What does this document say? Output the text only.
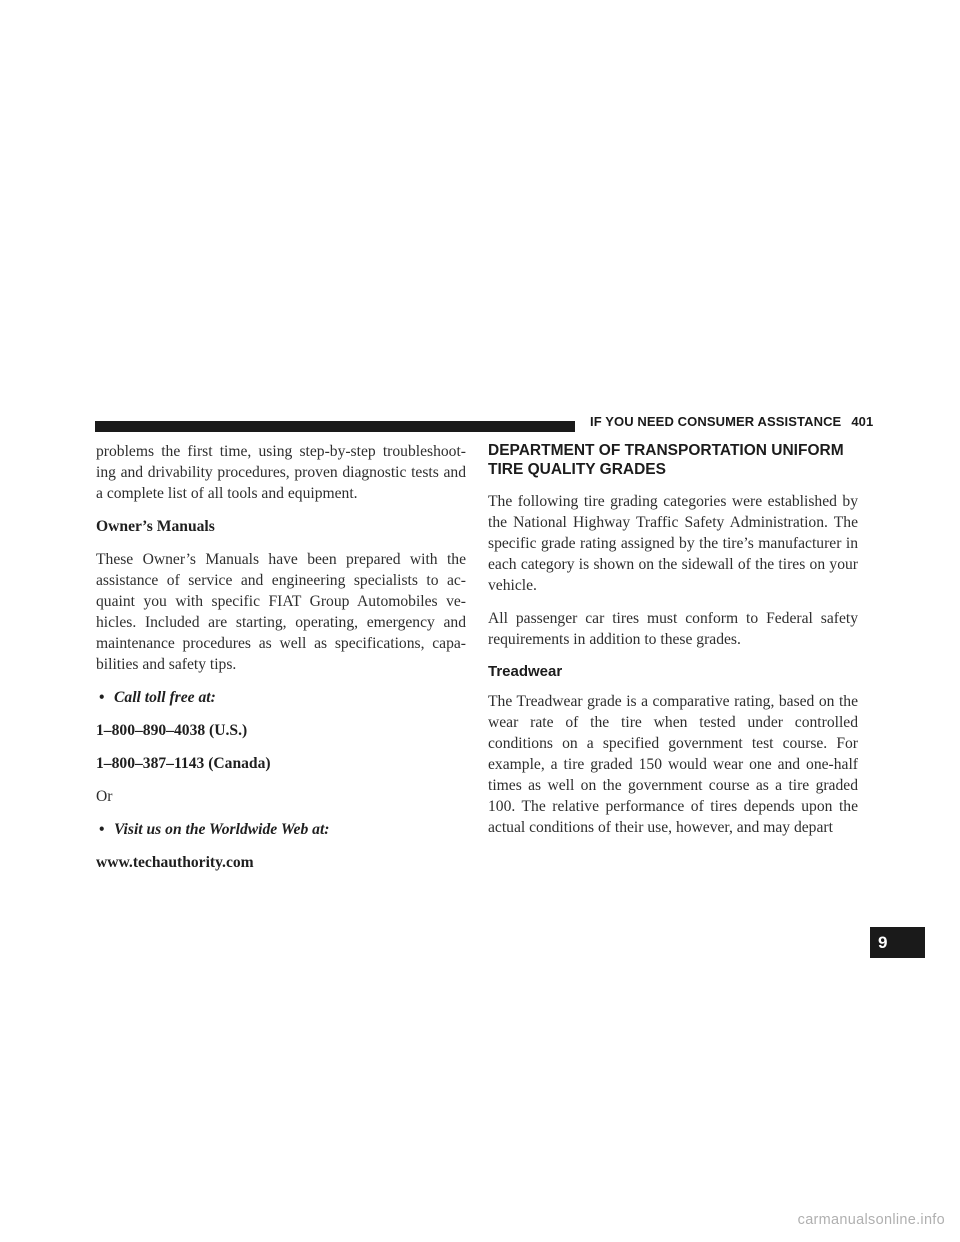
IF YOU NEED CONSUMER ASSISTANCE 401

problems the first time, using step-by-step troubleshoot-ing and drivability procedures, proven diagnostic tests and a complete list of all tools and equipment.

Owner’s Manuals

These Owner’s Manuals have been prepared with the assistance of service and engineering specialists to ac-quaint you with specific FIAT Group Automobiles ve-hicles. Included are starting, operating, emergency and maintenance procedures as well as specifications, capa-bilities and safety tips.

• Call toll free at:

1–800–890–4038 (U.S.)

1–800–387–1143 (Canada)

Or

• Visit us on the Worldwide Web at:

www.techauthority.com

DEPARTMENT OF TRANSPORTATION UNIFORM
TIRE QUALITY GRADES

The following tire grading categories were established by the National Highway Traffic Safety Administration. The specific grade rating assigned by the tire’s manufacturer in each category is shown on the sidewall of the tires on your vehicle.

All passenger car tires must conform to Federal safety requirements in addition to these grades.

Treadwear

The Treadwear grade is a comparative rating, based on the wear rate of the tire when tested under controlled conditions on a specified government test course. For example, a tire graded 150 would wear one and one-half times as well on the government course as a tire graded 100. The relative performance of tires depends upon the actual conditions of their use, however, and may depart

9
carmanualsonline.info
